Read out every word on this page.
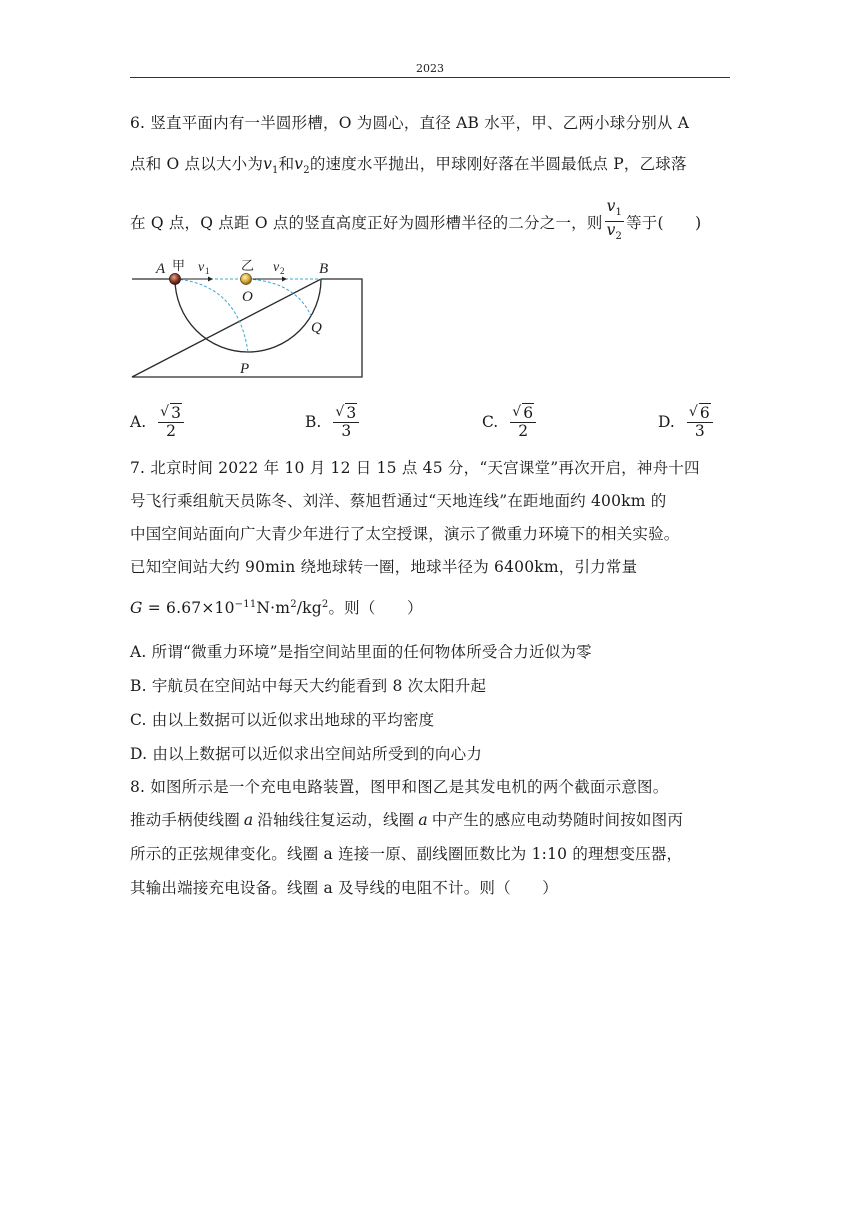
2023
6. 竖直平面内有一半圆形槽，O 为圆心，直径 AB 水平，甲、乙两小球分别从 A
点和 O 点以大小为$v_1$和$v_2$的速度水平抛出，甲球刚好落在半圆最低点 P，乙球落
在 Q 点，Q 点距 O 点的竖直高度正好为圆形槽半径的二分之一，则 $\frac{v_1}{v_2}$ 等于(　　)
A 甲 v 1 乙 v 2 B
O
Q
P
A. $\frac{√ 3}{2}$	B. $\frac{√ 3}{3}$	C. $\frac{√ 6}{2}$	D. $\frac{√ 6}{3}$
7. 北京时间 2022 年 10 月 12 日 15 点 45 分，“天宫课堂”再次开启，神舟十四
号飞行乘组航天员陈冬、刘洋、蔡旭哲通过“天地连线”在距地面约 400km 的
中国空间站面向广大青少年进行了太空授课，演示了微重力环境下的相关实验。
已知空间站大约 90min 绕地球转一圈，地球半径为 6400km，引力常量
$G = 6.67\times 10^{-11}N\cdot m^2/kg^2$。则（　　）
A. 所谓“微重力环境”是指空间站里面的任何物体所受合力近似为零
B. 宇航员在空间站中每天大约能看到 8 次太阳升起
C. 由以上数据可以近似求出地球的平均密度
D. 由以上数据可以近似求出空间站所受到的向心力
8. 如图所示是一个充电电路装置，图甲和图乙是其发电机的两个截面示意图。
推动手柄使线圈 a 沿轴线往复运动，线圈 a 中产生的感应电动势随时间按如图丙
所示的正弦规律变化。线圈 a 连接一原、副线圈匝数比为 1:10 的理想变压器，
其输出端接充电设备。线圈 a 及导线的电阻不计。则（　　）
